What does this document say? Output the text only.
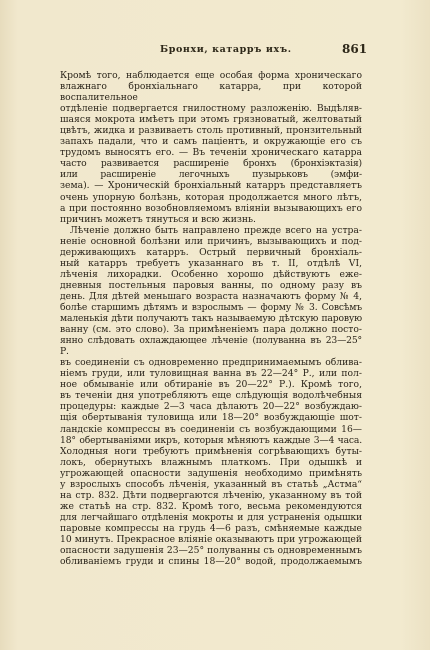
Бронхи, катарръ ихъ.	861

Кромѣ того, наблюдается еще особая форма хроническаго

влажнаго бронхіальнаго катарра, при которой воспалительное

отдѣленіе подвергается гнилостному разложенію. Выдѣляв-

шаяся мокрота имѣетъ при этомъ грязноватый, желтоватый

цвѣтъ, жидка и развиваетъ столь противный, пронзительный

запахъ падали, что и самъ паціентъ, и окружающіе его съ

трудомъ выносятъ его. — Въ теченіи хроническаго катарра

часто развивается расширеніе бронхъ (бронхіэктазія)

или расширеніе легочныхъ пузырьковъ (эмфи-

зема). — Хроническій бронхіальный катарръ представляетъ

очень упорную болѣзнь, которая продолжается много лѣтъ,

а при постоянно возобновляемомъ вліяніи вызывающихъ его

причинъ можетъ тянуться и всю жизнь.

Лѣченіе должно быть направлено прежде всего на устра-

неніе основной болѣзни или причинъ, вызывающихъ и под-

держивающихъ катарръ. Острый первичный бронхіаль-

ный катарръ требуетъ указаннаго въ т. II, отдѣлѣ VI,

лѣченія лихорадки. Особенно хорошо дѣйствуютъ еже-

дневныя постельныя паровыя ванны, по одному разу въ

день. Для дѣтей меньшаго возраста назначаютъ форму № 4,

болѣе старшимъ дѣтямъ и взрослымъ — форму № 3. Совсѣмъ

маленькія дѣти получаютъ такъ называемую дѣтскую паровую

ванну (см. это слово). За примѣненіемъ пара должно посто-

янно слѣдовать охлаждающее лѣченіе (полуванна въ 23—25° Р.

въ соединеніи съ одновременно предпринимаемымъ облива-

ніемъ груди, или туловищная ванна въ 22—24° Р., или пол-

ное обмываніе или обтираніе въ 20—22° Р.). Кромѣ того,

въ теченіи дня употребляютъ еще слѣдующія водолѣчебныя

процедуры: каждые 2—3 часа дѣлаютъ 20—22° возбуждаю-

щія обертыванія туловища или 18—20° возбуждающіе шот-

ландскіе компрессы въ соединеніи съ возбуждающими 16—

18° обертываніями икръ, которыя мѣняютъ каждые 3—4 часа.

Холодныя ноги требуютъ примѣненія согрѣвающихъ буты-

локъ, обернутыхъ влажнымъ платкомъ. При одышкѣ и

угрожающей опасности задушенія необходимо примѣнять

у взрослыхъ способъ лѣченія, указанный въ статьѣ „Астма“

на стр. 832. Дѣти подвергаются лѣченію, указанному въ той

же статьѣ на стр. 832. Кромѣ того, весьма рекомендуются

для легчайшаго отдѣленія мокроты и для устраненія одышки

паровые компрессы на грудь 4—6 разъ, смѣняемые каждые

10 минутъ. Прекрасное вліяніе оказываютъ при угрожающей

опасности задушенія 23—25° полуванны съ одновременнымъ

обливаніемъ груди и спины 18—20° водой, продолжаемымъ
